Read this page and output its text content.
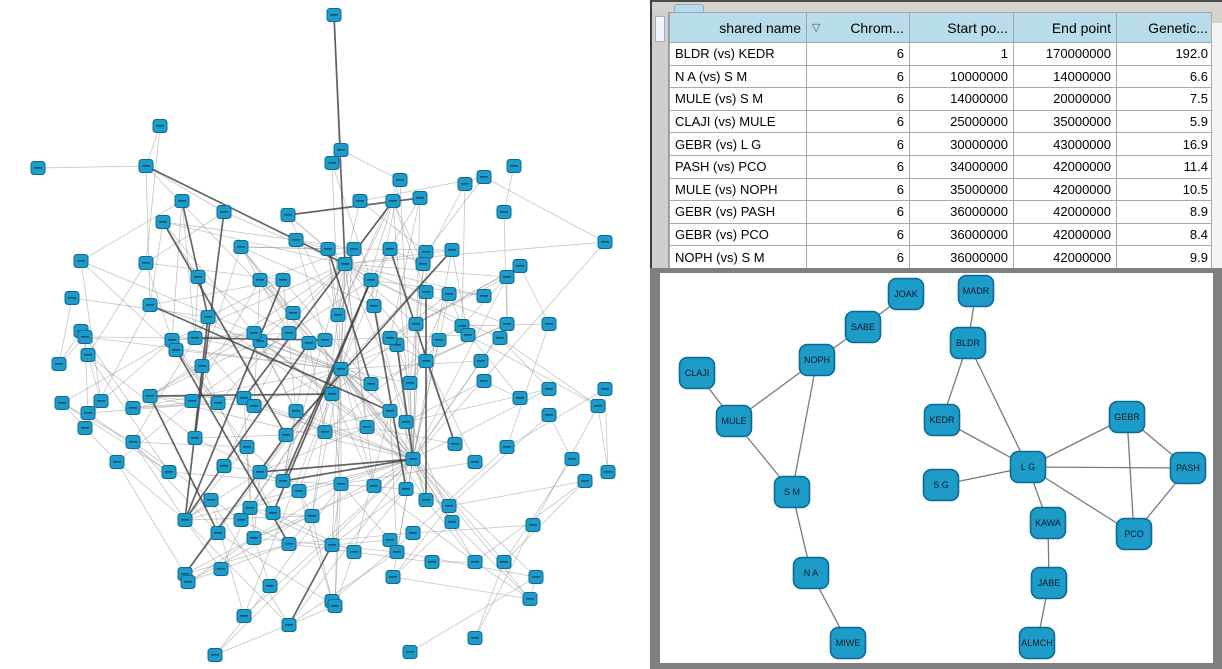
shared name	▽ Chrom...	Start po...	End point	Genetic...
BLDR (vs) KEDR	6	1	170000000	192.0
N A (vs) S M	6	10000000	14000000	6.6
MULE (vs) S M	6	14000000	20000000	7.5
CLAJI (vs) MULE	6	25000000	35000000	5.9
GEBR (vs) L G	6	30000000	43000000	16.9
PASH (vs) PCO	6	34000000	42000000	11.4
MULE (vs) NOPH	6	35000000	42000000	10.5
GEBR (vs) PASH	6	36000000	42000000	8.9
GEBR (vs) PCO	6	36000000	42000000	8.4
NOPH (vs) S M	6	36000000	42000000	9.9
JOAK	MADR
SABE
BLDR
NOPH
CLAJI
GEBR
KEDR
MULE
L G	PASH
S G
S M
KAWA
PCO
N A
JABE
MIWE	ALMCH
